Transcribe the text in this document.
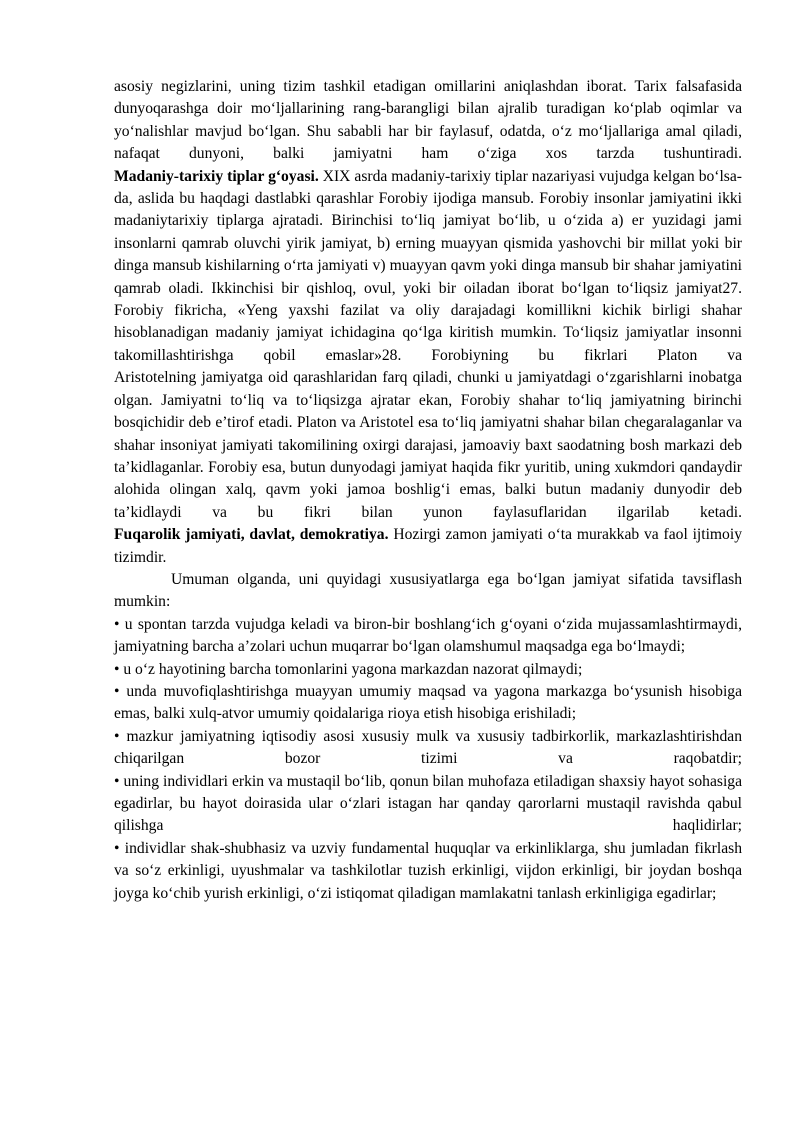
asosiy negizlarini, uning tizim tashkil etadigan omillarini aniqlashdan iborat. Tarix falsafasida dunyoqarashga doir mo‘ljallarining rang-barangligi bilan ajralib turadigan ko‘plab oqimlar va yo‘nalishlar mavjud bo‘lgan. Shu sababli har bir faylasuf, odatda, o‘z mo‘ljallariga amal qiladi, nafaqat dunyoni, balki jamiyatni ham o‘ziga xos tarzda tushuntiradi.

Madaniy-tarixiy tiplar g‘oyasi. XIX asrda madaniy-tarixiy tiplar nazariyasi vujudga kelgan bo‘lsa-da, aslida bu haqdagi dastlabki qarashlar Forobiy ijodiga mansub. Forobiy insonlar jamiyatini ikki madaniytarixiy tiplarga ajratadi. Birinchisi to‘liq jamiyat bo‘lib, u o‘zida a) er yuzidagi jami insonlarni qamrab oluvchi yirik jamiyat, b) erning muayyan qismida yashovchi bir millat yoki bir dinga mansub kishilarning o‘rta jamiyati v) muayyan qavm yoki dinga mansub bir shahar jamiyatini qamrab oladi. Ikkinchisi bir qishloq, ovul, yoki bir oiladan iborat bo‘lgan to‘liqsiz jamiyat27. Forobiy fikricha, «Yeng yaxshi fazilat va oliy darajadagi komillikni kichik birligi shahar hisoblanadigan madaniy jamiyat ichidagina qo‘lga kiritish mumkin. To‘liqsiz jamiyatlar insonni takomillashtirishga qobil emaslar»28. Forobiyning bu fikrlari Platon va

Aristotelning jamiyatga oid qarashlaridan farq qiladi, chunki u jamiyatdagi o‘zgarishlarni inobatga olgan. Jamiyatni to‘liq va to‘liqsizga ajratar ekan, Forobiy shahar to‘liq jamiyatning birinchi bosqichidir deb e’tirof etadi. Platon va Aristotel esa to‘liq jamiyatni shahar bilan chegaralaganlar va shahar insoniyat jamiyati takomilining oxirgi darajasi, jamoaviy baxt saodatning bosh markazi deb ta’kidlaganlar. Forobiy esa, butun dunyodagi jamiyat haqida fikr yuritib, uning xukmdori qandaydir alohida olingan xalq, qavm yoki jamoa boshlig‘i emas, balki butun madaniy dunyodir deb ta’kidlaydi va bu fikri bilan yunon faylasuflaridan ilgarilab ketadi.

Fuqarolik jamiyati, davlat, demokratiya. Hozirgi zamon jamiyati o‘ta murakkab va faol ijtimoiy tizimdir.

Umuman olganda, uni quyidagi xususiyatlarga ega bo‘lgan jamiyat sifatida tavsiflash mumkin:

• u spontan tarzda vujudga keladi va biron-bir boshlang‘ich g‘oyani o‘zida mujassamlashtirmaydi, jamiyatning barcha a’zolari uchun muqarrar bo‘lgan olamshumul maqsadga ega bo‘lmaydi;

• u o‘z hayotining barcha tomonlarini yagona markazdan nazorat qilmaydi;

• unda muvofiqlashtirishga muayyan umumiy maqsad va yagona markazga bo‘ysunish hisobiga emas, balki xulq-atvor umumiy qoidalariga rioya etish hisobiga erishiladi;

• mazkur jamiyatning iqtisodiy asosi xususiy mulk va xususiy tadbirkorlik, markazlashtirishdan chiqarilgan bozor tizimi va raqobatdir;

• uning individlari erkin va mustaqil bo‘lib, qonun bilan muhofaza etiladigan shaxsiy hayot sohasiga egadirlar, bu hayot doirasida ular o‘zlari istagan har qanday qarorlarni mustaqil ravishda qabul qilishga haqlidirlar;

• individlar shak-shubhasiz va uzviy fundamental huquqlar va erkinliklarga, shu jumladan fikrlash va so‘z erkinligi, uyushmalar va tashkilotlar tuzish erkinligi, vijdon erkinligi, bir joydan boshqa joyga ko‘chib yurish erkinligi, o‘zi istiqomat qiladigan mamlakatni tanlash erkinligiga egadirlar;
